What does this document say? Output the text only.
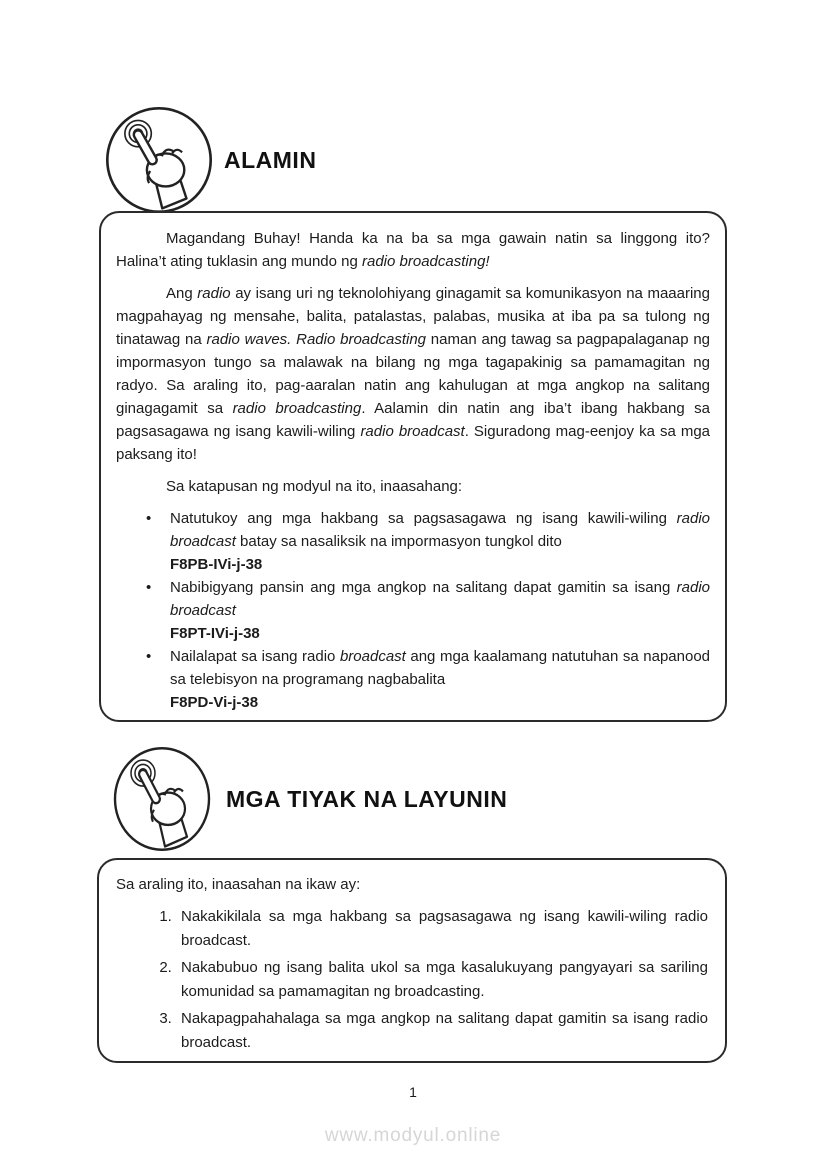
ALAMIN

Magandang Buhay! Handa ka na ba sa mga gawain natin sa linggong ito? Halina’t ating tuklasin ang mundo ng radio broadcasting!

Ang radio ay isang uri ng teknolohiyang ginagamit sa komunikasyon na maaaring magpahayag ng mensahe, balita, patalastas, palabas, musika at iba pa sa tulong ng tinatawag na radio waves. Radio broadcasting naman ang tawag sa pagpapalaganap ng impormasyon tungo sa malawak na bilang ng mga tagapakinig sa pamamagitan ng radyo. Sa araling ito, pag-aaralan natin ang kahulugan at mga angkop na salitang ginagagamit sa radio broadcasting. Aalamin din natin ang iba’t ibang hakbang sa pagsasagawa ng isang kawili-wiling radio broadcast. Siguradong mag-eenjoy ka sa mga paksang ito!

Sa katapusan ng modyul na ito, inaasahang:

• Natutukoy ang mga hakbang sa pagsasagawa ng isang kawili-wiling radio broadcast batay sa nasaliksik na impormasyon tungkol dito
F8PB-IVi-j-38
• Nabibigyang pansin ang mga angkop na salitang dapat gamitin sa isang radio broadcast
F8PT-IVi-j-38
• Nailalapat sa isang radio broadcast ang mga kaalamang natutuhan sa napanood sa telebisyon na programang nagbabalita
F8PD-Vi-j-38
MGA TIYAK NA LAYUNIN

Sa araling ito, inaasahan na ikaw ay:

1. Nakakikilala sa mga hakbang sa pagsasagawa ng isang kawili-wiling radio broadcast.
2. Nakabubuo ng isang balita ukol sa mga kasalukuyang pangyayari sa sariling komunidad sa pamamagitan ng broadcasting.
3. Nakapagpahahalaga sa mga angkop na salitang dapat gamitin sa isang radio broadcast.
1
www.modyul.online
